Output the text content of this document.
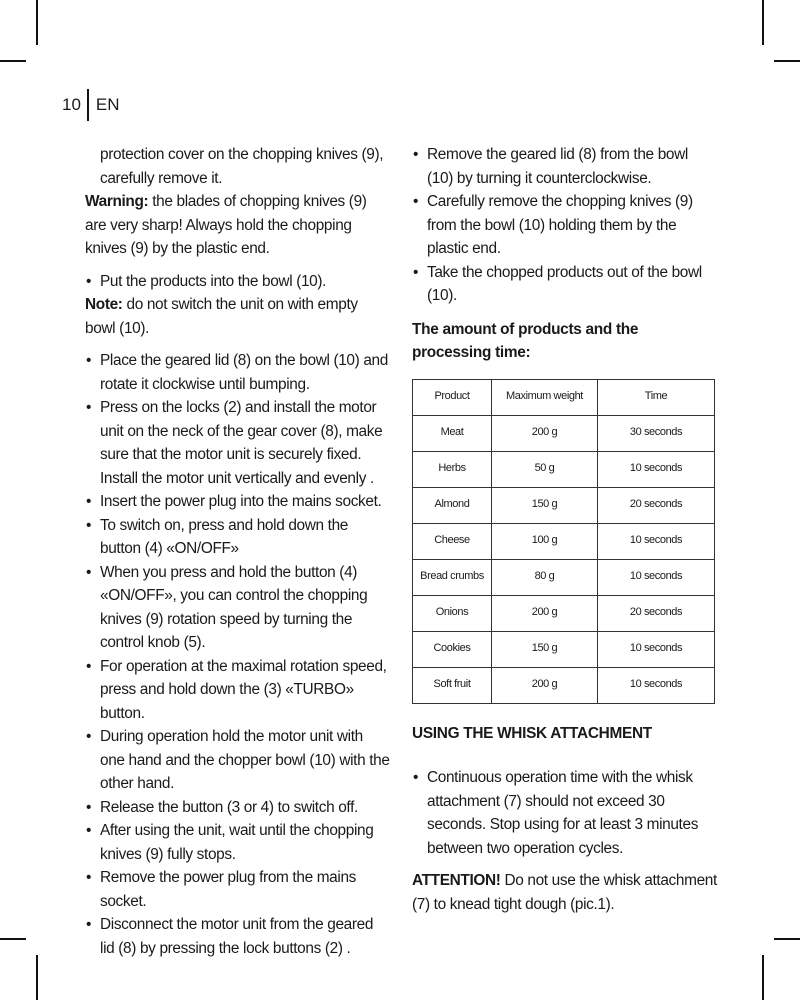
10 EN

protection cover on the chopping knives (9), carefully remove it.

Warning: the blades of chopping knives (9) are very sharp! Always hold the chopping knives (9) by the plastic end.

• Put the products into the bowl (10).

Note: do not switch the unit on with empty bowl (10).

• Place the geared lid (8) on the bowl (10) and rotate it clockwise until bumping.
• Press on the locks (2) and install the motor unit on the neck of the gear cover (8), make sure that the motor unit is securely fixed. Install the motor unit vertically and evenly .
• Insert the power plug into the mains socket.
• To switch on, press and hold down the button (4) «ON/OFF»
• When you press and hold the button (4) «ON/OFF», you can control the chopping knives (9) rotation speed by turning the control knob (5).
• For operation at the maximal rotation speed, press and hold down the (3) «TURBO» button.
• During operation hold the motor unit with one hand and the chopper bowl (10) with the other hand.
• Release the button (3 or 4) to switch off.
• After using the unit, wait until the chopping knives (9) fully stops.
• Remove the power plug from the mains socket.
• Disconnect the motor unit from the geared lid (8) by pressing the lock buttons (2) .
• Remove the geared lid (8) from the bowl (10) by turning it counterclockwise.
• Carefully remove the chopping knives (9) from the bowl (10) holding them by the plastic end.
• Take the chopped products out of the bowl (10).

The amount of products and the processing time:

Product	Maximum weight	Time
Meat	200 g	30 seconds
Herbs	50 g	10 seconds
Almond	150 g	20 seconds
Cheese	100 g	10 seconds
Bread crumbs	80 g	10 seconds
Onions	200 g	20 seconds
Cookies	150 g	10 seconds
Soft fruit	200 g	10 seconds

USING THE WHISK ATTACHMENT

• Continuous operation time with the whisk attachment (7) should not exceed 30 seconds. Stop using for at least 3 minutes between two operation cycles.

ATTENTION! Do not use the whisk attachment (7) to knead tight dough (pic.1).
